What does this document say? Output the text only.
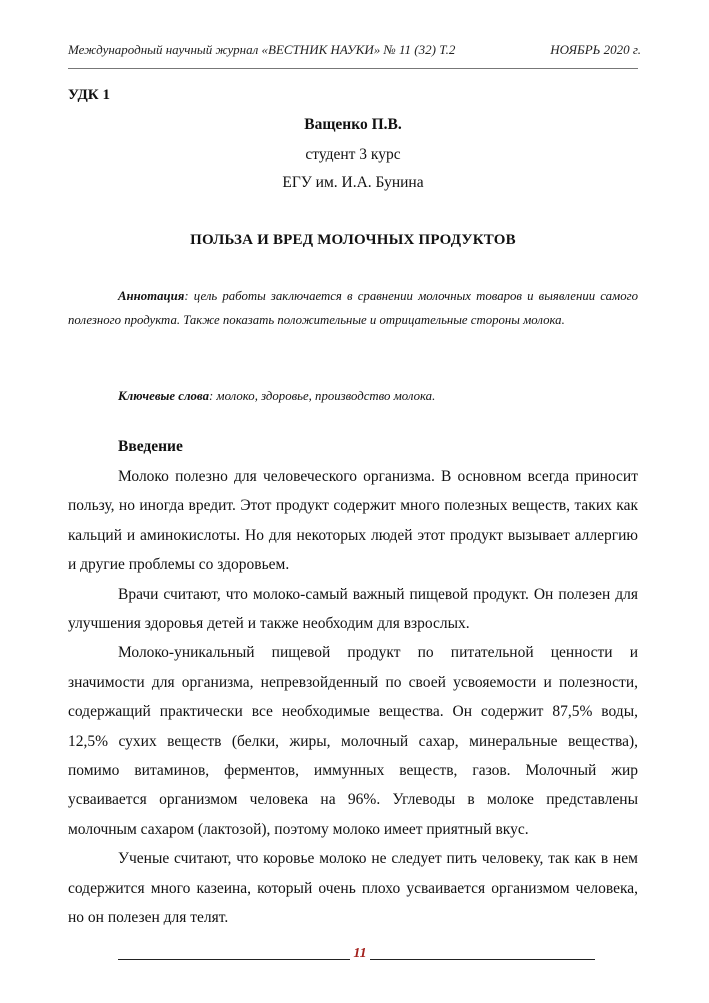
Международный научный журнал «ВЕСТНИК НАУКИ» № 11 (32) Т.2	НОЯБРЬ 2020 г.
УДК 1
Ващенко П.В.
студент 3 курс
ЕГУ им. И.А. Бунина
ПОЛЬЗА И ВРЕД МОЛОЧНЫХ ПРОДУКТОВ

Аннотация: цель работы заключается в сравнении молочных товаров и выявлении самого полезного продукта. Также показать положительные и отрицательные стороны молока.

Ключевые слова: молоко, здоровье, производство молока.

Введение

Молоко полезно для человеческого организма. В основном всегда приносит пользу, но иногда вредит. Этот продукт содержит много полезных веществ, таких как кальций и аминокислоты. Но для некоторых людей этот продукт вызывает аллергию и другие проблемы со здоровьем.

Врачи считают, что молоко-самый важный пищевой продукт. Он полезен для улучшения здоровья детей и также необходим для взрослых.

Молоко-уникальный пищевой продукт по питательной ценности и значимости для организма, непревзойденный по своей усвояемости и полезности, содержащий практически все необходимые вещества. Он содержит 87,5% воды, 12,5% сухих веществ (белки, жиры, молочный сахар, минеральные вещества), помимо витаминов, ферментов, иммунных веществ, газов. Молочный жир усваивается организмом человека на 96%. Углеводы в молоке представлены молочным сахаром (лактозой), поэтому молоко имеет приятный вкус.

Ученые считают, что коровье молоко не следует пить человеку, так как в нем содержится много казеина, который очень плохо усваивается организмом человека, но он полезен для телят.

11
